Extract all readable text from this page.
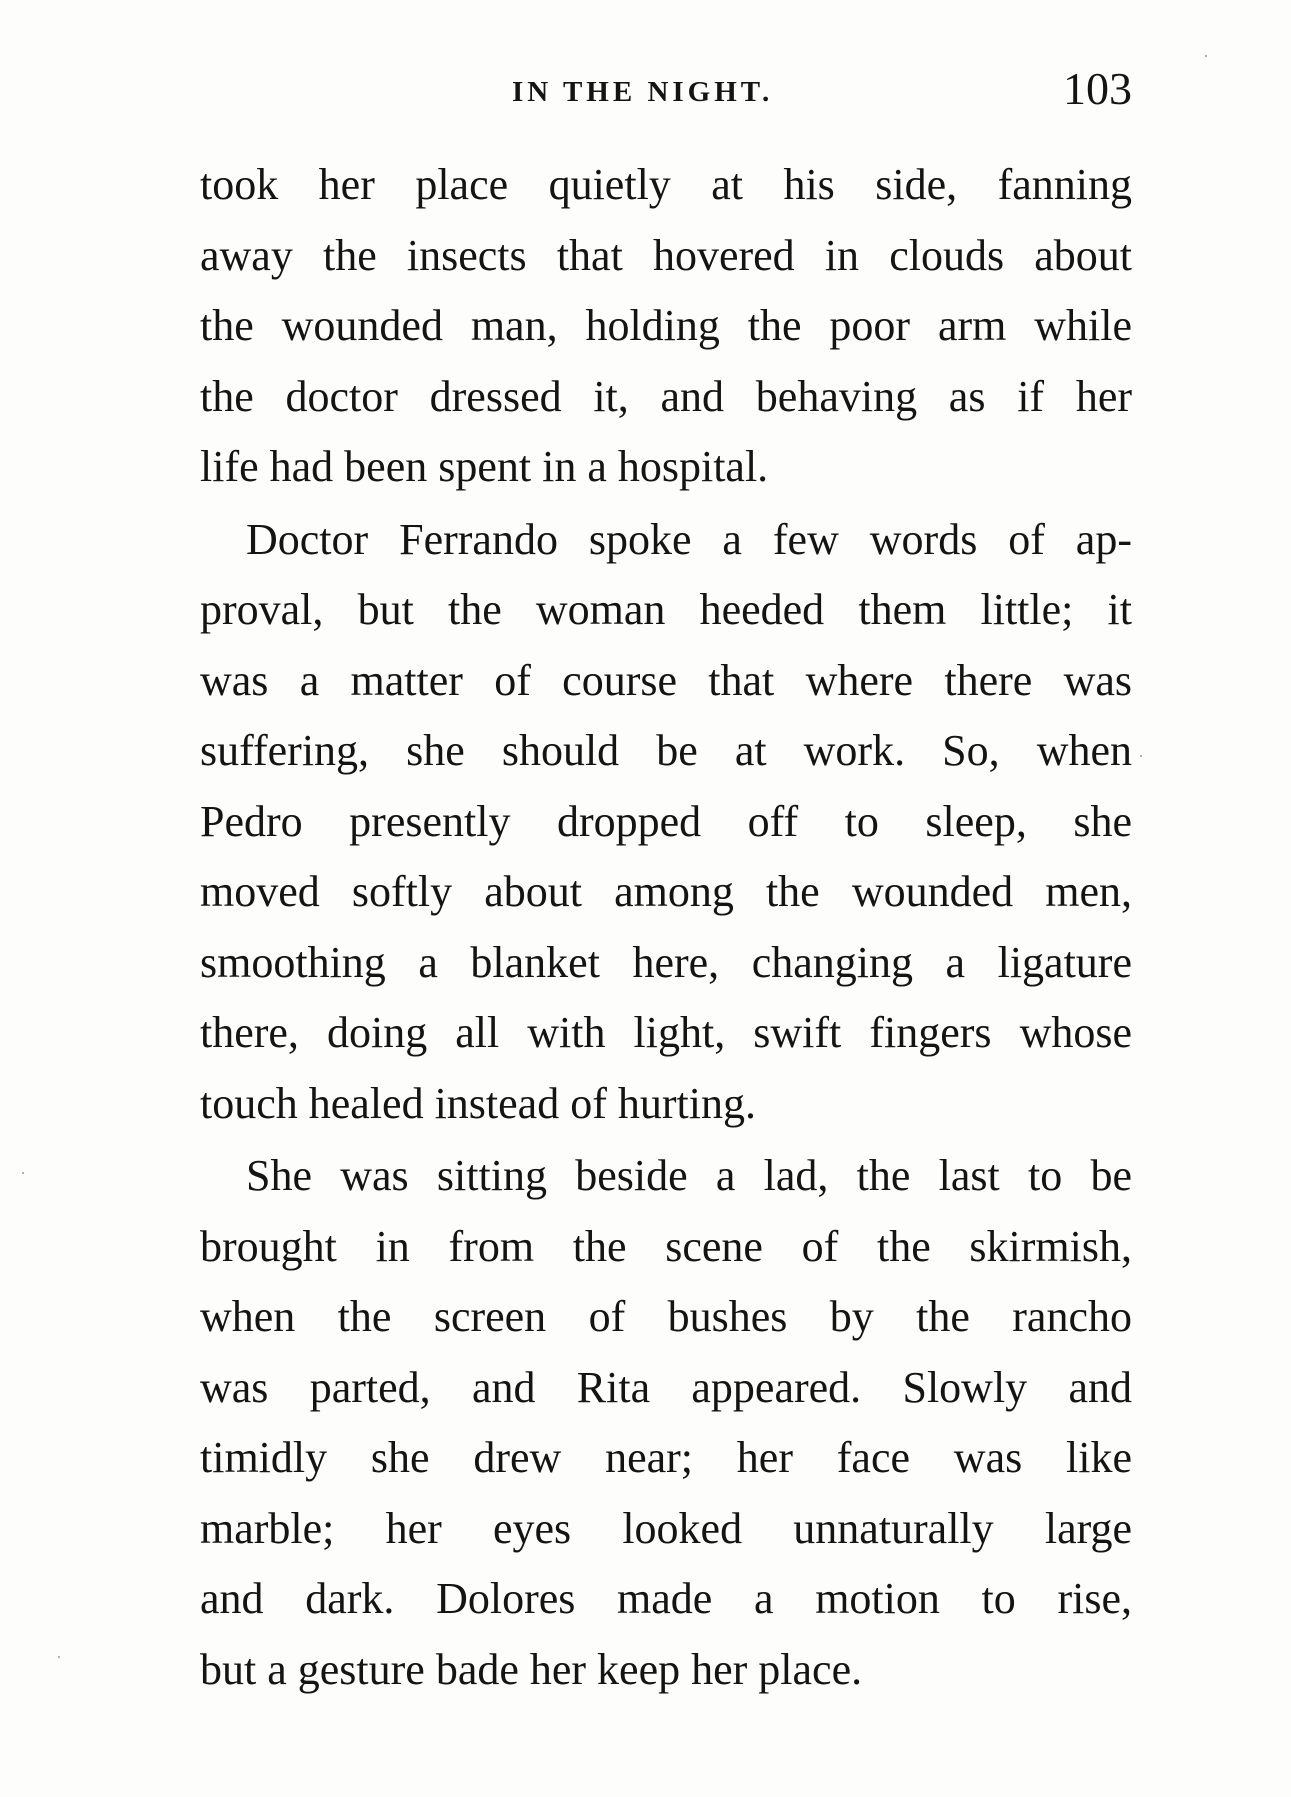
IN THE NIGHT.	103
took her place quietly at his side, fanning
away the insects that hovered in clouds about
the wounded man, holding the poor arm while
the doctor dressed it, and behaving as if her
life had been spent in a hospital.
Doctor Ferrando spoke a few words of ap-
proval, but the woman heeded them little; it
was a matter of course that where there was
suffering, she should be at work. So, when
Pedro presently dropped off to sleep, she
moved softly about among the wounded men,
smoothing a blanket here, changing a ligature
there, doing all with light, swift fingers whose
touch healed instead of hurting.
She was sitting beside a lad, the last to be
brought in from the scene of the skirmish,
when the screen of bushes by the rancho
was parted, and Rita appeared. Slowly and
timidly she drew near; her face was like
marble; her eyes looked unnaturally large
and dark. Dolores made a motion to rise,
but a gesture bade her keep her place.
